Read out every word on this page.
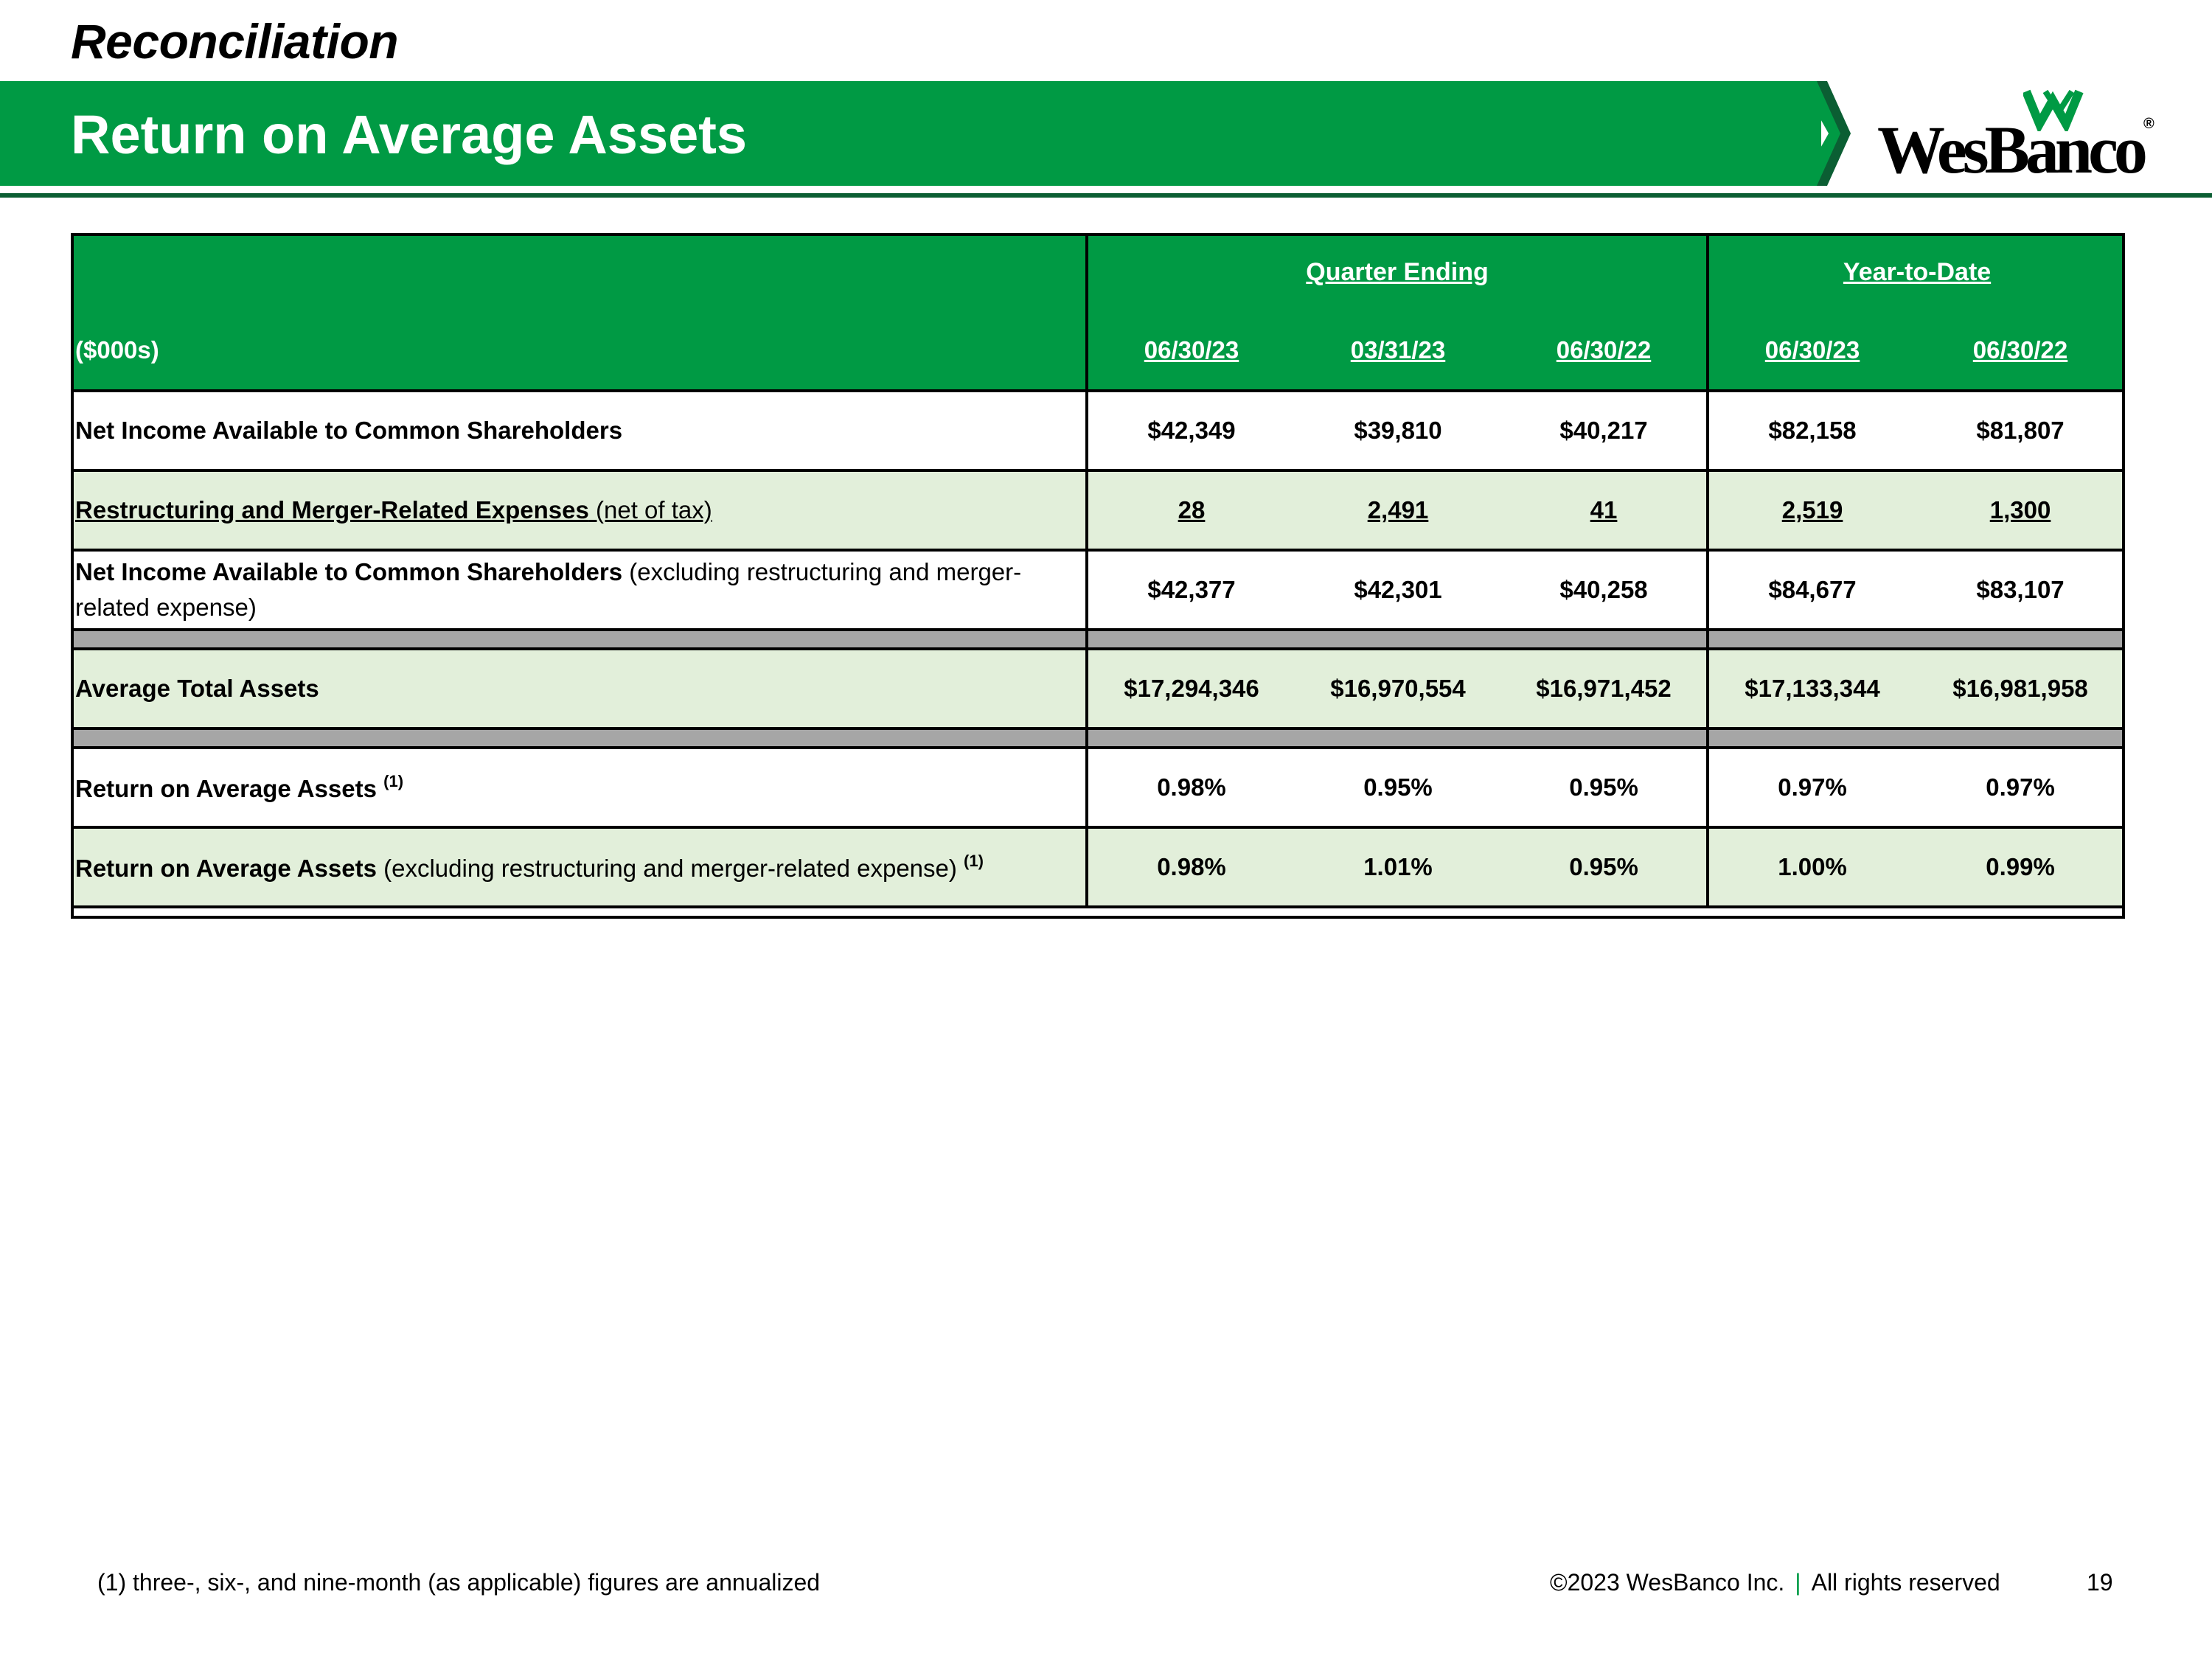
Reconciliation
Return on Average Assets	WesBanco®
	Quarter Ending			Year-to-Date	
($000s)	06/30/23	03/31/23	06/30/22	06/30/23	06/30/22
Net Income Available to Common Shareholders	$42,349	$39,810	$40,217	$82,158	$81,807
Restructuring and Merger-Related Expenses (net of tax)	28	2,491	41	2,519	1,300
Net Income Available to Common Shareholders (excluding restructuring and merger-related expense)	$42,377	$42,301	$40,258	$84,677	$83,107

Average Total Assets	$17,294,346	$16,970,554	$16,971,452	$17,133,344	$16,981,958

Return on Average Assets $^{(1)}$	0.98%	0.95%	0.95%	0.97%	0.97%
Return on Average Assets (excluding restructuring and merger-related expense) $^{(1)}$	0.98%	1.01%	0.95%	1.00%	0.99%
(1) three-, six-, and nine-month (as applicable) figures are annualized	©2023 WesBanco Inc. | All rights reserved	19
